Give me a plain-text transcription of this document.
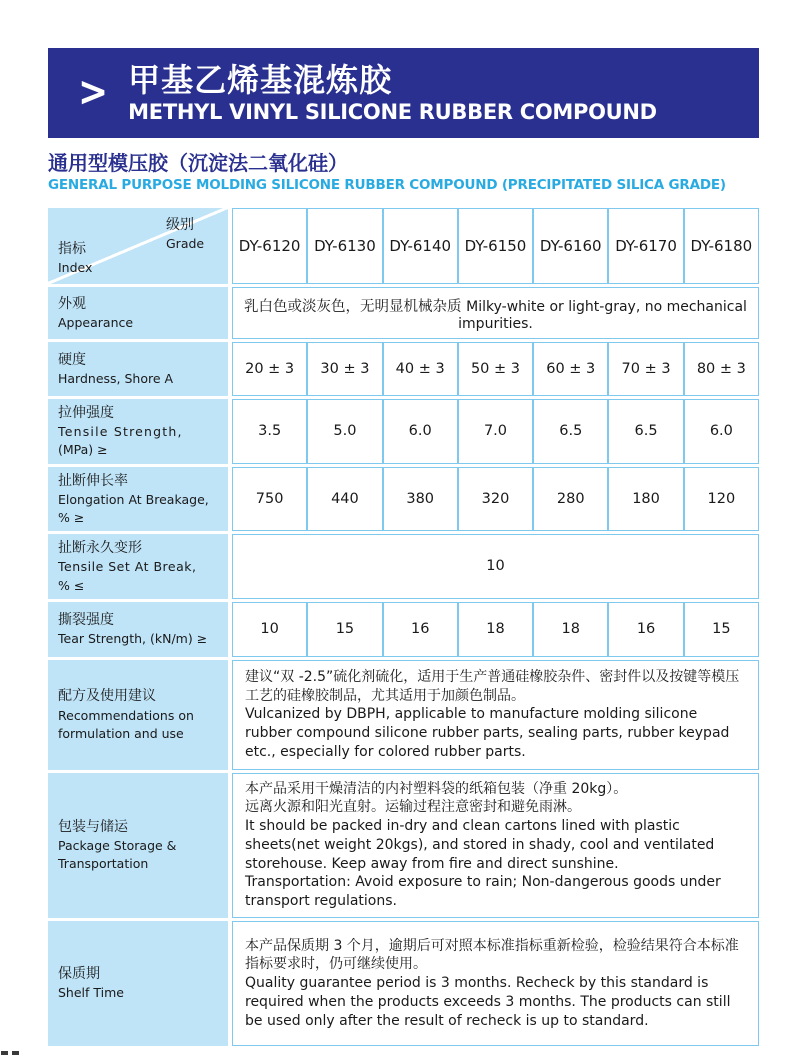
> 甲基乙烯基混炼胶
METHYL VINYL SILICONE RUBBER COMPOUND
通用型模压胶（沉淀法二氧化硅）
GENERAL PURPOSE MOLDING SILICONE RUBBER COMPOUND (PRECIPITATED SILICA GRADE)
级别
Grade
指标
Index	DY-6120	DY-6130	DY-6140	DY-6150	DY-6160	DY-6170	DY-6180

外观
Appearance	乳白色或淡灰色，无明显机械杂质 Milky-white or light-gray, no mechanical impurities.						

硬度
Hardness, Shore A	20 ± 3	30 ± 3	40 ± 3	50 ± 3	60 ± 3	70 ± 3	80 ± 3

拉伸强度
Tensile Strength,
(MPa) ≥	3.5	5.0	6.0	7.0	6.5	6.5	6.0

扯断伸长率
Elongation At Breakage,
% ≥	750	440	380	320	280	180	120

扯断永久变形
Tensile Set At Break,
% ≤	10						

撕裂强度
Tear Strength, (kN/m) ≥	10	15	16	18	18	16	15

配方及使用建议
Recommendations on
formulation and use

建议“双 -2.5”硫化剂硫化，适用于生产普通硅橡胶杂件、密封件以及按键等模压工艺的硅橡胶制品，尤其适用于加颜色制品。
Vulcanized by DBPH, applicable to manufacture molding silicone rubber compound silicone rubber parts, sealing parts, rubber keypad etc., especially for colored rubber parts.

包装与储运
Package Storage &
Transportation

本产品采用干燥清洁的内衬塑料袋的纸箱包装（净重 20kg）。
远离火源和阳光直射。运输过程注意密封和避免雨淋。
It should be packed in-dry and clean cartons lined with plastic sheets(net weight 20kgs), and stored in shady, cool and ventilated storehouse. Keep away from fire and direct sunshine.
Transportation: Avoid exposure to rain; Non-dangerous goods under transport regulations.

保质期
Shelf Time

本产品保质期 3 个月，逾期后可对照本标准指标重新检验，检验结果符合本标准指标要求时，仍可继续使用。
Quality guarantee period is 3 months. Recheck by this standard is required when the products exceeds 3 months. The products can still be used only after the result of recheck is up to standard.
